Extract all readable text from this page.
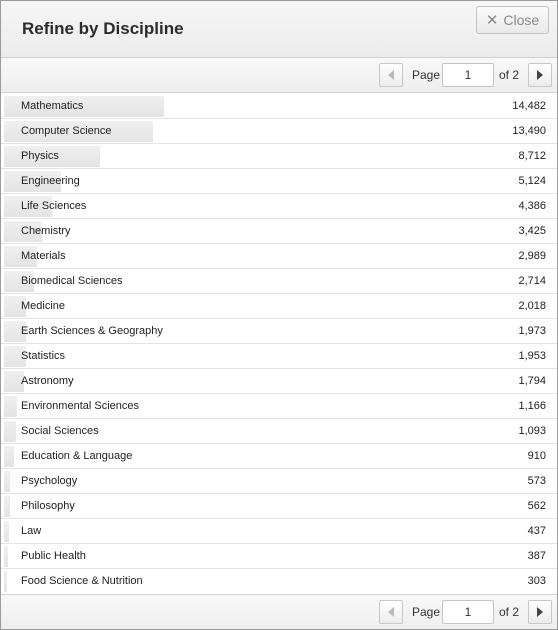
Refine by Discipline	✕ Close
Page
1	of 2
Mathematics	14,482
Computer Science	13,490
Physics	8,712
Engineering	5,124
Life Sciences	4,386
Chemistry	3,425
Materials	2,989
Biomedical Sciences	2,714
Medicine	2,018
Earth Sciences & Geography	1,973
Statistics	1,953
Astronomy	1,794
Environmental Sciences	1,166
Social Sciences	1,093
Education & Language	910
Psychology	573
Philosophy	562
Law	437
Public Health	387
Food Science & Nutrition	303
Page
1	of 2
